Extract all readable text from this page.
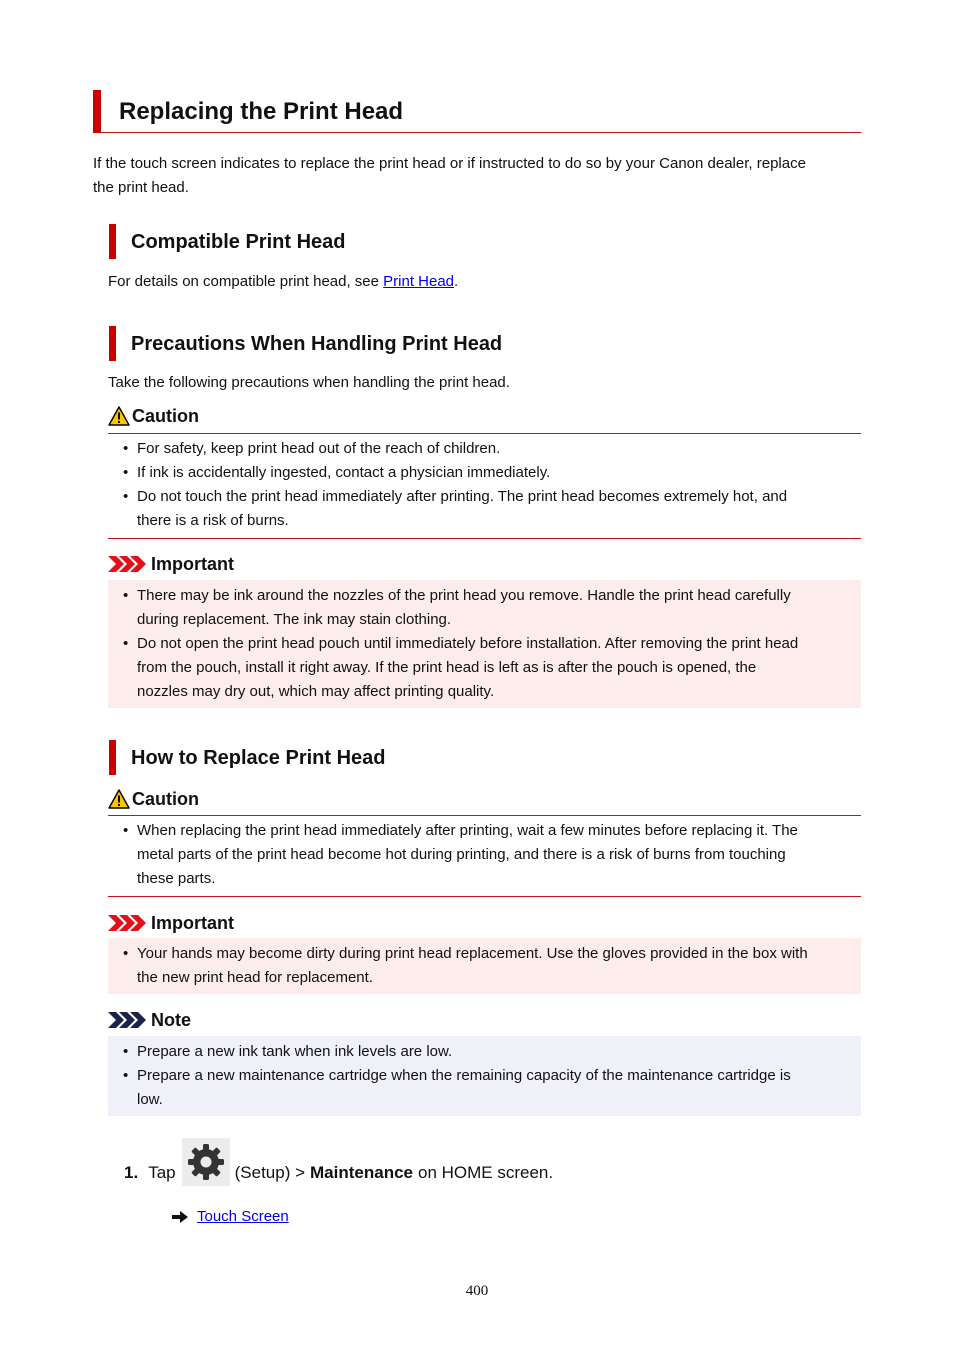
Replacing the Print Head
If the touch screen indicates to replace the print head or if instructed to do so by your Canon dealer, replace
the print head.
Compatible Print Head
For details on compatible print head, see Print Head.
Precautions When Handling Print Head
Take the following precautions when handling the print head.
Caution
• For safety, keep print head out of the reach of children.
• If ink is accidentally ingested, contact a physician immediately.
• Do not touch the print head immediately after printing. The print head becomes extremely hot, and
there is a risk of burns.
Important
• There may be ink around the nozzles of the print head you remove. Handle the print head carefully
during replacement. The ink may stain clothing.
• Do not open the print head pouch until immediately before installation. After removing the print head
from the pouch, install it right away. If the print head is left as is after the pouch is opened, the
nozzles may dry out, which may affect printing quality.
How to Replace Print Head
Caution
• When replacing the print head immediately after printing, wait a few minutes before replacing it. The
metal parts of the print head become hot during printing, and there is a risk of burns from touching
these parts.
Important
• Your hands may become dirty during print head replacement. Use the gloves provided in the box with
the new print head for replacement.
Note
• Prepare a new ink tank when ink levels are low.
• Prepare a new maintenance cartridge when the remaining capacity of the maintenance cartridge is
low.
1. Tap	(Setup) > Maintenance on HOME screen.
Touch Screen
400
